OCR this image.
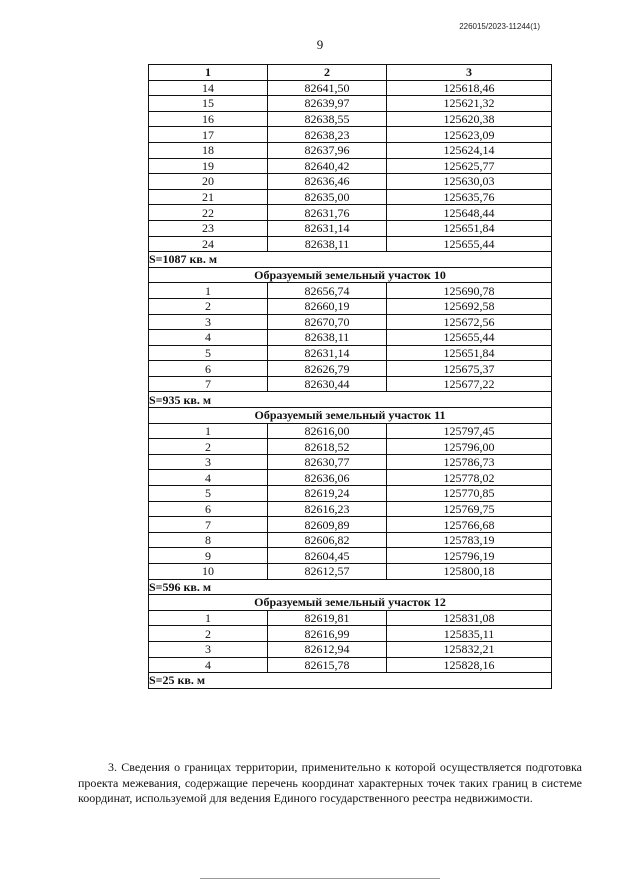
226015/2023-11244(1)
9
1	2	3
14	82641,50	125618,46
15	82639,97	125621,32
16	82638,55	125620,38
17	82638,23	125623,09
18	82637,96	125624,14
19	82640,42	125625,77
20	82636,46	125630,03
21	82635,00	125635,76
22	82631,76	125648,44
23	82631,14	125651,84
24	82638,11	125655,44
S=1087 кв. м		
Образуемый земельный участок 10		
1	82656,74	125690,78
2	82660,19	125692,58
3	82670,70	125672,56
4	82638,11	125655,44
5	82631,14	125651,84
6	82626,79	125675,37
7	82630,44	125677,22
S=935 кв. м		
Образуемый земельный участок 11		
1	82616,00	125797,45
2	82618,52	125796,00
3	82630,77	125786,73
4	82636,06	125778,02
5	82619,24	125770,85
6	82616,23	125769,75
7	82609,89	125766,68
8	82606,82	125783,19
9	82604,45	125796,19
10	82612,57	125800,18
S=596 кв. м		
Образуемый земельный участок 12		
1	82619,81	125831,08
2	82616,99	125835,11
3	82612,94	125832,21
4	82615,78	125828,16
S=25 кв. м		

3. Сведения о границах территории, применительно к которой осуществляется подготовка проекта межевания, содержащие перечень координат характерных точек таких границ в системе координат, используемой для ведения Единого государственного реестра недвижимости.
